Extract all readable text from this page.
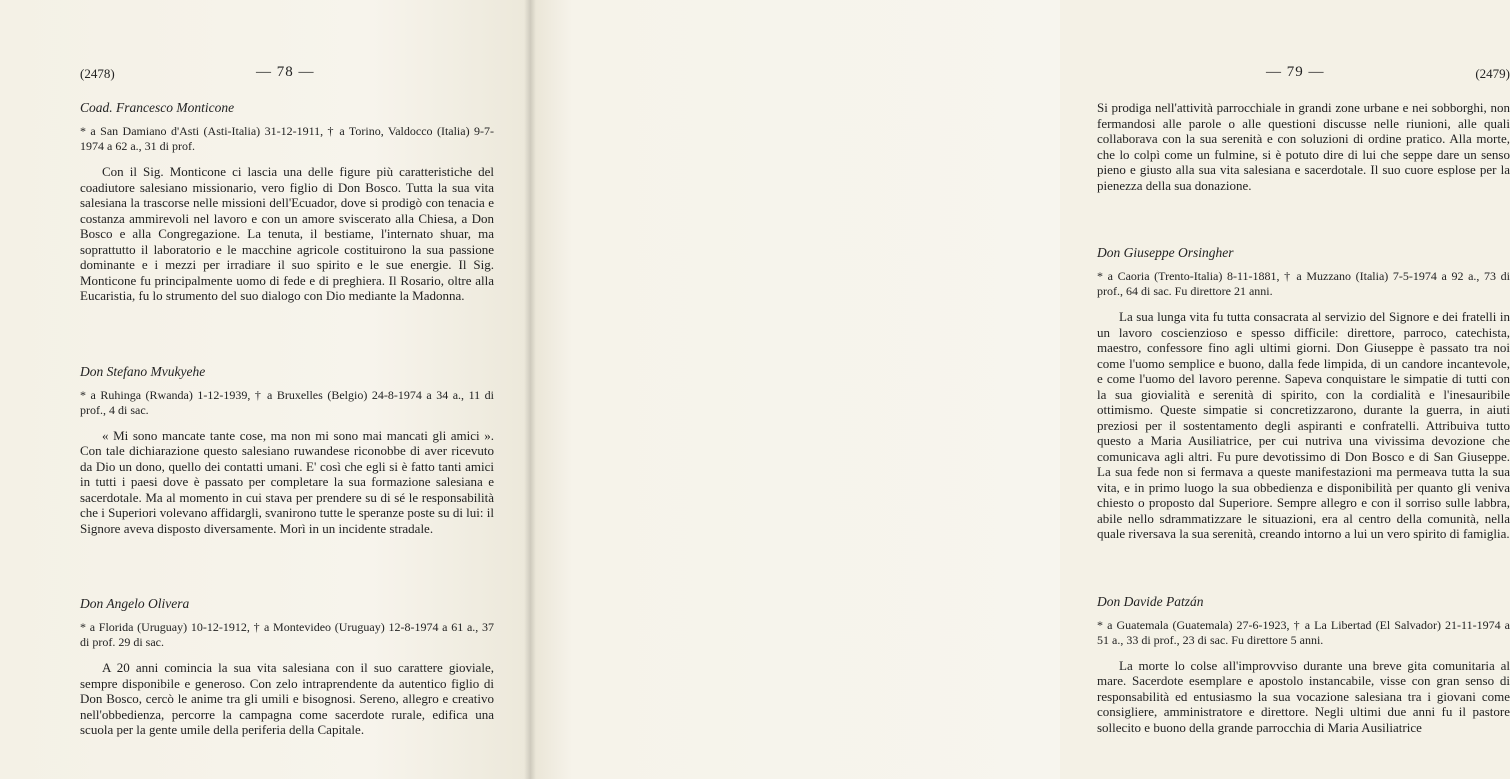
(2478)	— 78 —
Coad. Francesco Monticone

* a San Damiano d'Asti (Asti-Italia) 31-12-1911, † a Torino, Valdocco (Italia) 9-7-1974 a 62 a., 31 di prof.

Con il Sig. Monticone ci lascia una delle figure più caratteristiche del coadiutore salesiano missionario, vero figlio di Don Bosco. Tutta la sua vita salesiana la trascorse nelle missioni dell'Ecuador, dove si prodigò con tenacia e costanza ammirevoli nel lavoro e con un amore sviscerato alla Chiesa, a Don Bosco e alla Congregazione. La tenuta, il bestiame, l'internato shuar, ma soprattutto il laboratorio e le macchine agricole costituirono la sua passione dominante e i mezzi per irradiare il suo spirito e le sue energie. Il Sig. Monticone fu principalmente uomo di fede e di preghiera. Il Rosario, oltre alla Eucaristia, fu lo strumento del suo dialogo con Dio mediante la Madonna.

Don Stefano Mvukyehe

* a Ruhinga (Rwanda) 1-12-1939, † a Bruxelles (Belgio) 24-8-1974 a 34 a., 11 di prof., 4 di sac.

« Mi sono mancate tante cose, ma non mi sono mai mancati gli amici ». Con tale dichiarazione questo salesiano ruwandese riconobbe di aver ricevuto da Dio un dono, quello dei contatti umani. E' così che egli si è fatto tanti amici in tutti i paesi dove è passato per completare la sua formazione salesiana e sacerdotale. Ma al momento in cui stava per prendere su di sé le responsabilità che i Superiori volevano affidargli, svanirono tutte le speranze poste su di lui: il Signore aveva disposto diversamente. Morì in un incidente stradale.

Don Angelo Olivera

* a Florida (Uruguay) 10-12-1912, † a Montevideo (Uruguay) 12-8-1974 a 61 a., 37 di prof. 29 di sac.

A 20 anni comincia la sua vita salesiana con il suo carattere gioviale, sempre disponibile e generoso. Con zelo intraprendente da autentico figlio di Don Bosco, cercò le anime tra gli umili e bisognosi. Sereno, allegro e creativo nell'obbedienza, percorre la campagna come sacerdote rurale, edifica una scuola per la gente umile della periferia della Capitale.

— 79 —	(2479)

Si prodiga nell'attività parrocchiale in grandi zone urbane e nei sobborghi, non fermandosi alle parole o alle questioni discusse nelle riunioni, alle quali collaborava con la sua serenità e con soluzioni di ordine pratico. Alla morte, che lo colpì come un fulmine, si è potuto dire di lui che seppe dare un senso pieno e giusto alla sua vita salesiana e sacerdotale. Il suo cuore esplose per la pienezza della sua donazione.

Don Giuseppe Orsingher

* a Caoria (Trento-Italia) 8-11-1881, † a Muzzano (Italia) 7-5-1974 a 92 a., 73 di prof., 64 di sac. Fu direttore 21 anni.

La sua lunga vita fu tutta consacrata al servizio del Signore e dei fratelli in un lavoro coscienzioso e spesso difficile: direttore, parroco, catechista, maestro, confessore fino agli ultimi giorni. Don Giuseppe è passato tra noi come l'uomo semplice e buono, dalla fede limpida, di un candore incantevole, e come l'uomo del lavoro perenne. Sapeva conquistare le simpatie di tutti con la sua giovialità e serenità di spirito, con la cordialità e l'inesauribile ottimismo. Queste simpatie si concretizzarono, durante la guerra, in aiuti preziosi per il sostentamento degli aspiranti e confratelli. Attribuiva tutto questo a Maria Ausiliatrice, per cui nutriva una vivissima devozione che comunicava agli altri. Fu pure devotissimo di Don Bosco e di San Giuseppe. La sua fede non si fermava a queste manifestazioni ma permeava tutta la sua vita, e in primo luogo la sua obbedienza e disponibilità per quanto gli veniva chiesto o proposto dal Superiore. Sempre allegro e con il sorriso sulle labbra, abile nello sdrammatizzare le situazioni, era al centro della comunità, nella quale riversava la sua serenità, creando intorno a lui un vero spirito di famiglia.

Don Davide Patzán

* a Guatemala (Guatemala) 27-6-1923, † a La Libertad (El Salvador) 21-11-1974 a 51 a., 33 di prof., 23 di sac. Fu direttore 5 anni.

La morte lo colse all'improvviso durante una breve gita comunitaria al mare. Sacerdote esemplare e apostolo instancabile, visse con gran senso di responsabilità ed entusiasmo la sua vocazione salesiana tra i giovani come consigliere, amministratore e direttore. Negli ultimi due anni fu il pastore sollecito e buono della grande parrocchia di Maria Ausiliatrice
